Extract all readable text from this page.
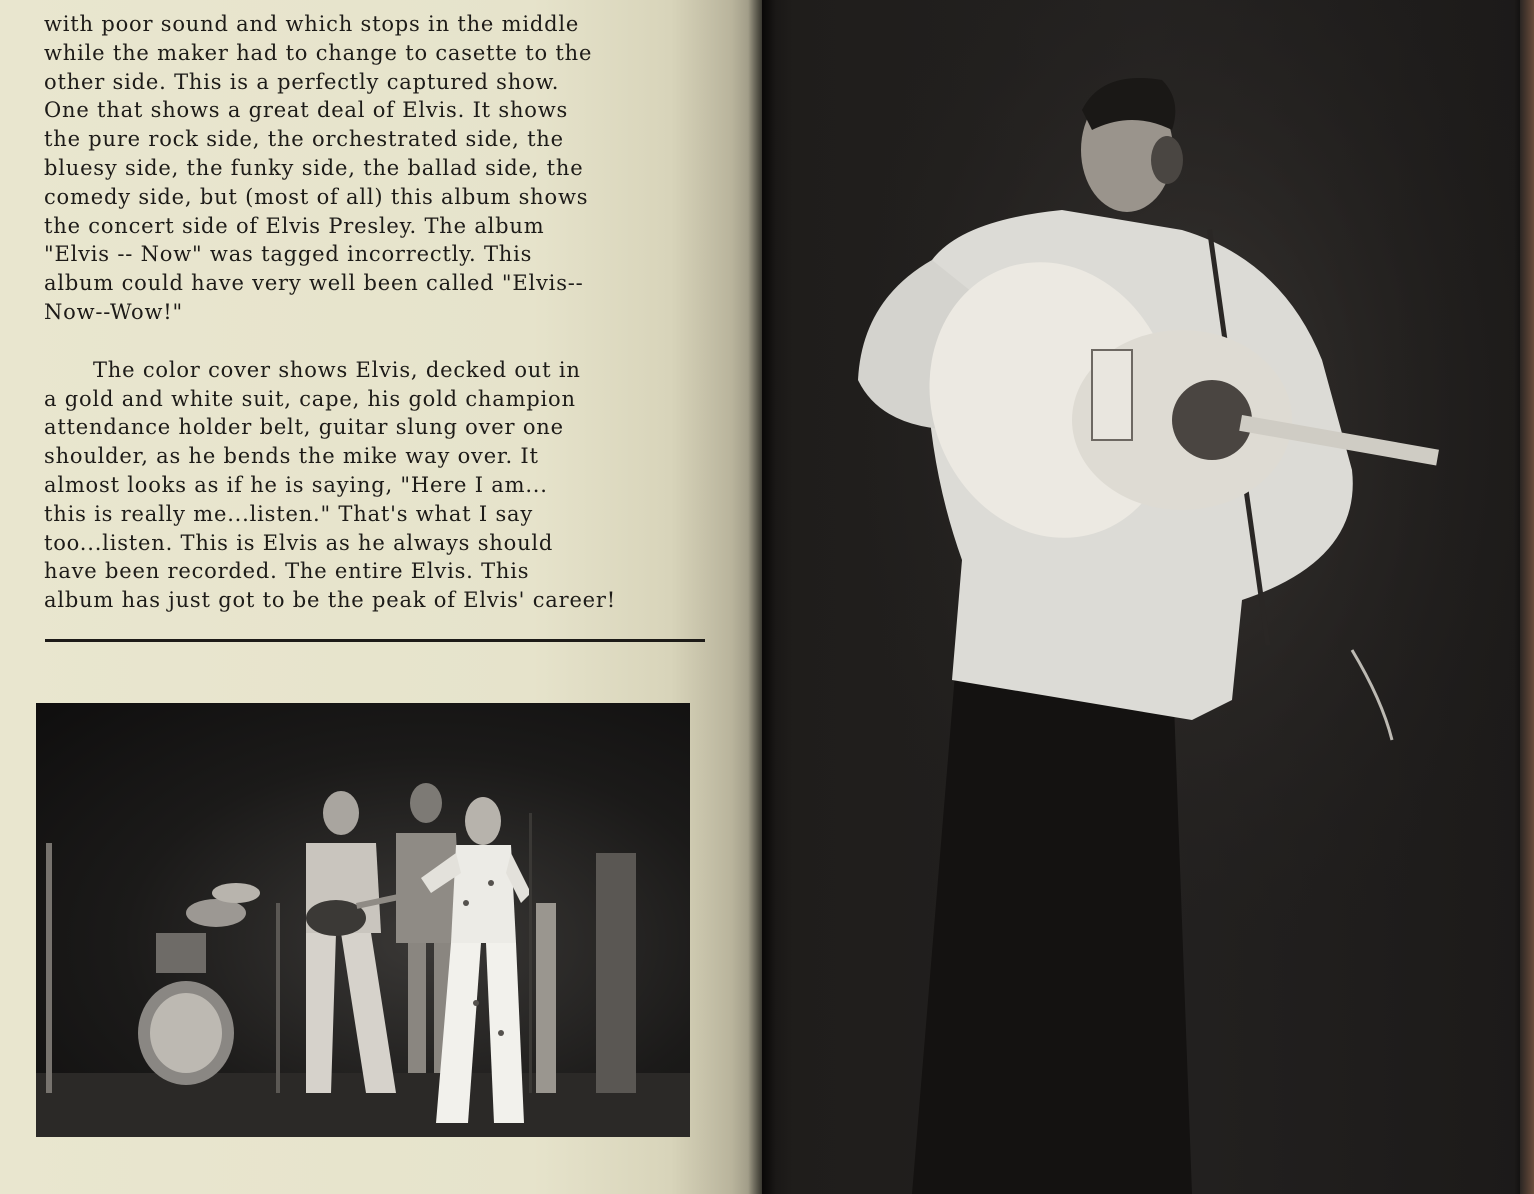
with poor sound and which stops in the middle
while the maker had to change to casette to the
other side. This is a perfectly captured show.
One that shows a great deal of Elvis. It shows
the pure rock side, the orchestrated side, the
bluesy side, the funky side, the ballad side, the
comedy side, but (most of all) this album shows
the concert side of Elvis Presley. The album
"Elvis -- Now" was tagged incorrectly. This
album could have very well been called "Elvis--
Now--Wow!"
The color cover shows Elvis, decked out in
a gold and white suit, cape, his gold champion
attendance holder belt, guitar slung over one
shoulder, as he bends the mike way over. It
almost looks as if he is saying, "Here I am...
this is really me...listen." That's what I say
too...listen. This is Elvis as he always should
have been recorded. The entire Elvis. This
album has just got to be the peak of Elvis' career!
